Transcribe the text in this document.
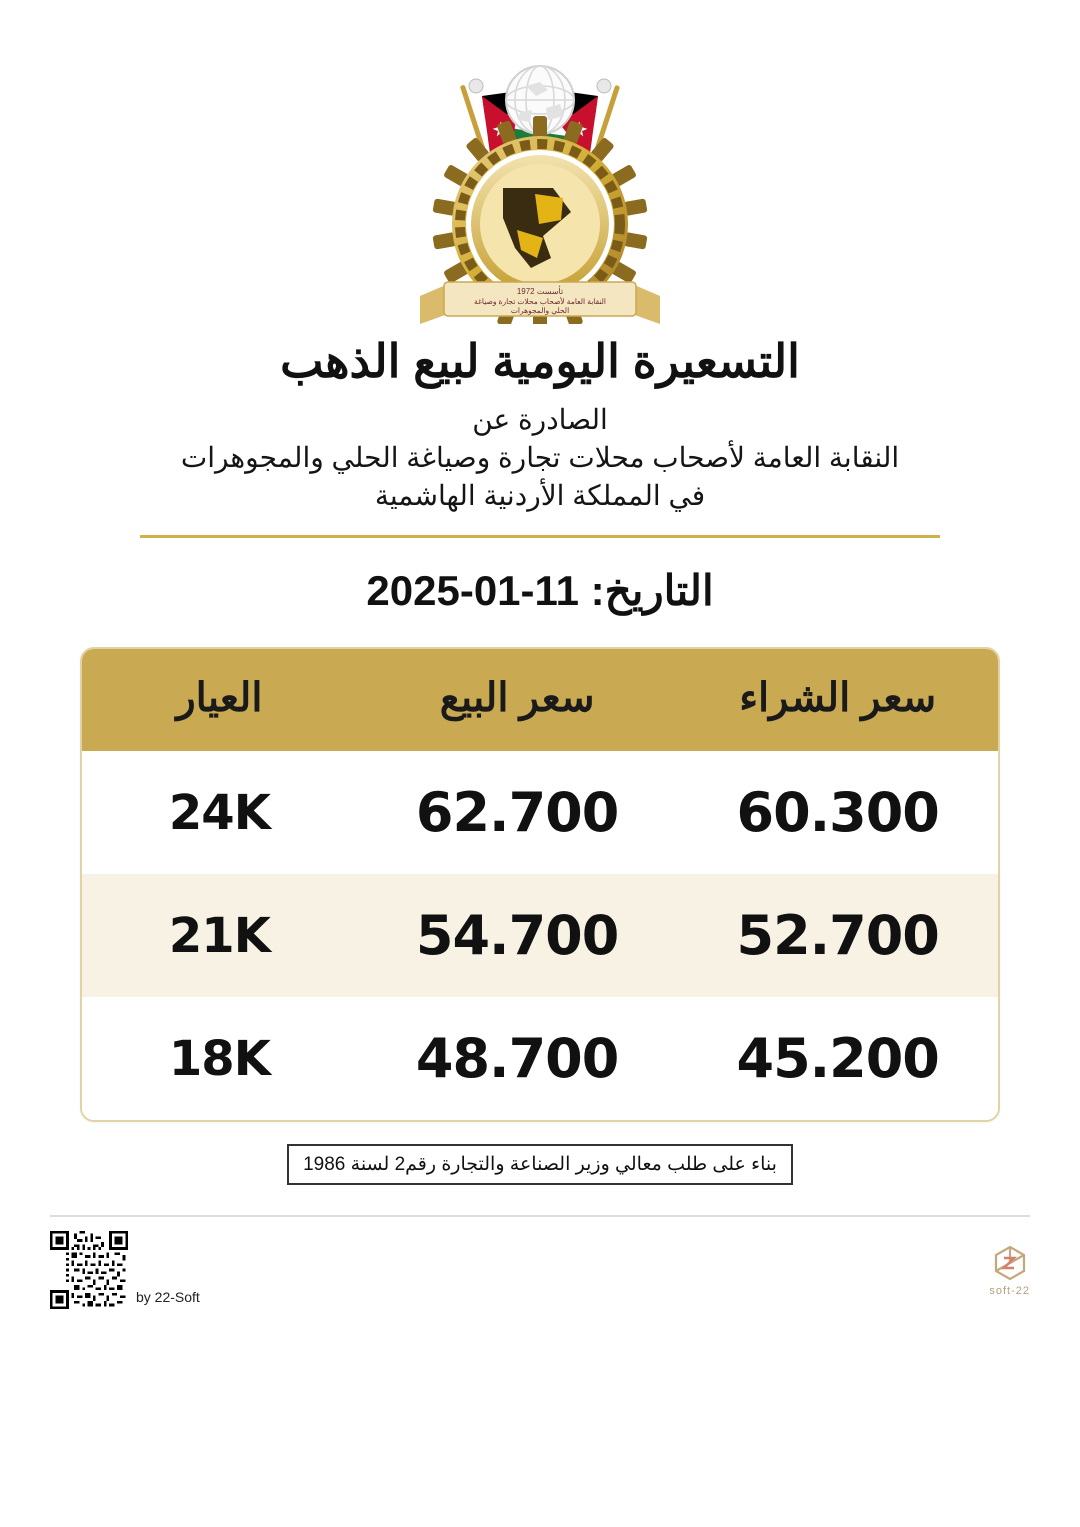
تأسست 1972
النقابة العامة لأصحاب محلات تجارة وصياغة
الحلي والمجوهرات
التسعيرة اليومية لبيع الذهب
الصادرة عن
النقابة العامة لأصحاب محلات تجارة وصياغة الحلي والمجوهرات
في المملكة الأردنية الهاشمية
التاريخ: 11-01-2025
سعر الشراء	سعر البيع	العيار
60.300	62.700	24K
52.700	54.700	21K
45.200	48.700	18K
بناء على طلب معالي وزير الصناعة والتجارة رقم2 لسنة 1986
by 22-Soft	22-soft
